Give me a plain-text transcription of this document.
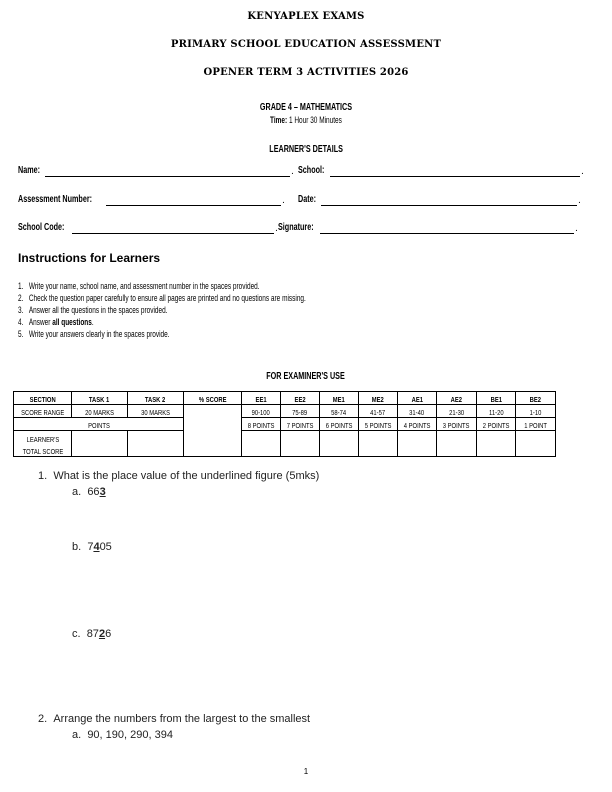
KENYAPLEX EXAMS
PRIMARY SCHOOL EDUCATION ASSESSMENT
OPENER TERM 3 ACTIVITIES 2026
GRADE 4 – MATHEMATICS
Time: 1 Hour 30 Minutes
LEARNER'S DETAILS
Name:	. School:	.
Assessment Number:	. Date:	.
School Code:	. Signature:	.
Instructions for Learners
1. Write your name, school name, and assessment number in the spaces provided.
2. Check the question paper carefully to ensure all pages are printed and no questions are missing.
3. Answer all the questions in the spaces provided.
4. Answer all questions.
5. Write your answers clearly in the spaces provide.
FOR EXAMINER'S USE
SECTION	TASK 1	TASK 2	% SCORE	EE1	EE2	ME1	ME2	AE1	AE2	BE1	BE2
SCORE RANGE	20 MARKS	30 MARKS		90-100	75-89	58-74	41-57	31-40	21-30	11-20	1-10
POINTS				8 POINTS	7 POINTS	6 POINTS	5 POINTS	4 POINTS	3 POINTS	2 POINTS	1 POINT
LEARNER'S
TOTAL SCORE											
1. What is the place value of the underlined figure (5mks)
a. 663
b. 7405
c. 8726
2. Arrange the numbers from the largest to the smallest
a. 90, 190, 290, 394
1
